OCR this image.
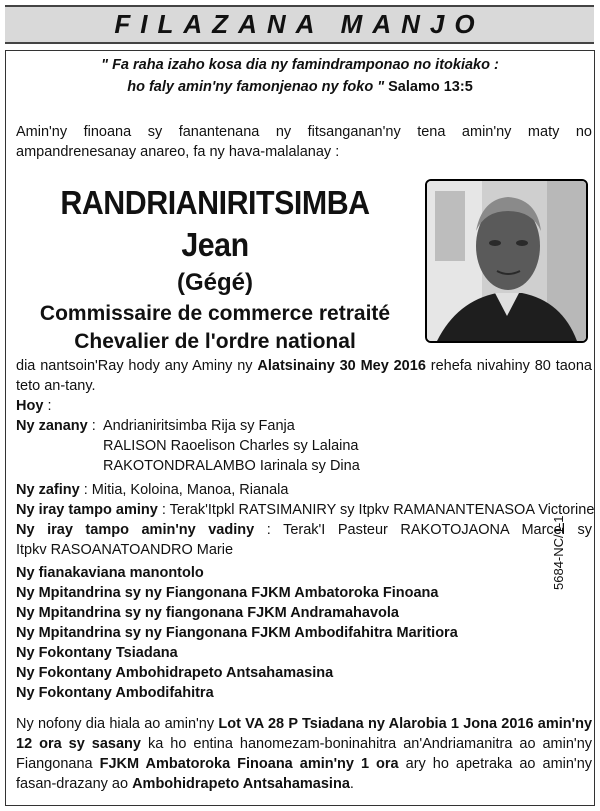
FILAZANA MANJO
" Fa raha izaho kosa dia ny famindramponao no itokiako :
ho faly amin'ny famonjenao ny foko " Salamo 13:5
Amin'ny finoana sy fanantenana ny fitsanganan'ny tena amin'ny maty no ampandrenesanay anareo, fa ny hava-malalanay :
RANDRIANIRITSIMBA Jean
(Gégé)
Commissaire de commerce retraité
Chevalier de l'ordre national
dia nantsoin'Ray hody any Aminy ny Alatsinainy 30 Mey 2016 rehefa nivahiny 80 taona teto an-tany.
Hoy :
Ny zanany : Andrianiritsimba Rija sy Fanja
RALISON Raoelison Charles sy Lalaina
RAKOTONDRALAMBO Iarinala sy Dina
Ny zafiny : Mitia, Koloina, Manoa, Rianala
Ny iray tampo aminy : Terak'Itpkl RATSIMANIRY sy Itpkv RAMANANTENASOA Victorine
Ny iray tampo amin'ny vadiny : Terak'I Pasteur RAKOTOJAONA Marcel sy
Itpkv RASOANATOANDRO Marie
Ny fianakaviana manontolo
Ny Mpitandrina sy ny Fiangonana FJKM Ambatoroka Finoana
Ny Mpitandrina sy ny fiangonana FJKM Andramahavola
Ny Mpitandrina sy ny Fiangonana FJKM Ambodifahitra Maritiora
Ny Fokontany Tsiadana
Ny Fokontany Ambohidrapeto Antsahamasina
Ny Fokontany Ambodifahitra
Ny nofony dia hiala ao amin'ny Lot VA 28 P Tsiadana ny Alarobia 1 Jona 2016 amin'ny 12 ora sy sasany ka ho entina hanomezam-boninahitra an'Andriamanitra ao amin'ny Fiangonana FJKM Ambatoroka Finoana amin'ny 1 ora ary ho apetraka ao amin'ny fasan-drazany ao Ambohidrapeto Antsahamasina.
5684-NC/1-1
